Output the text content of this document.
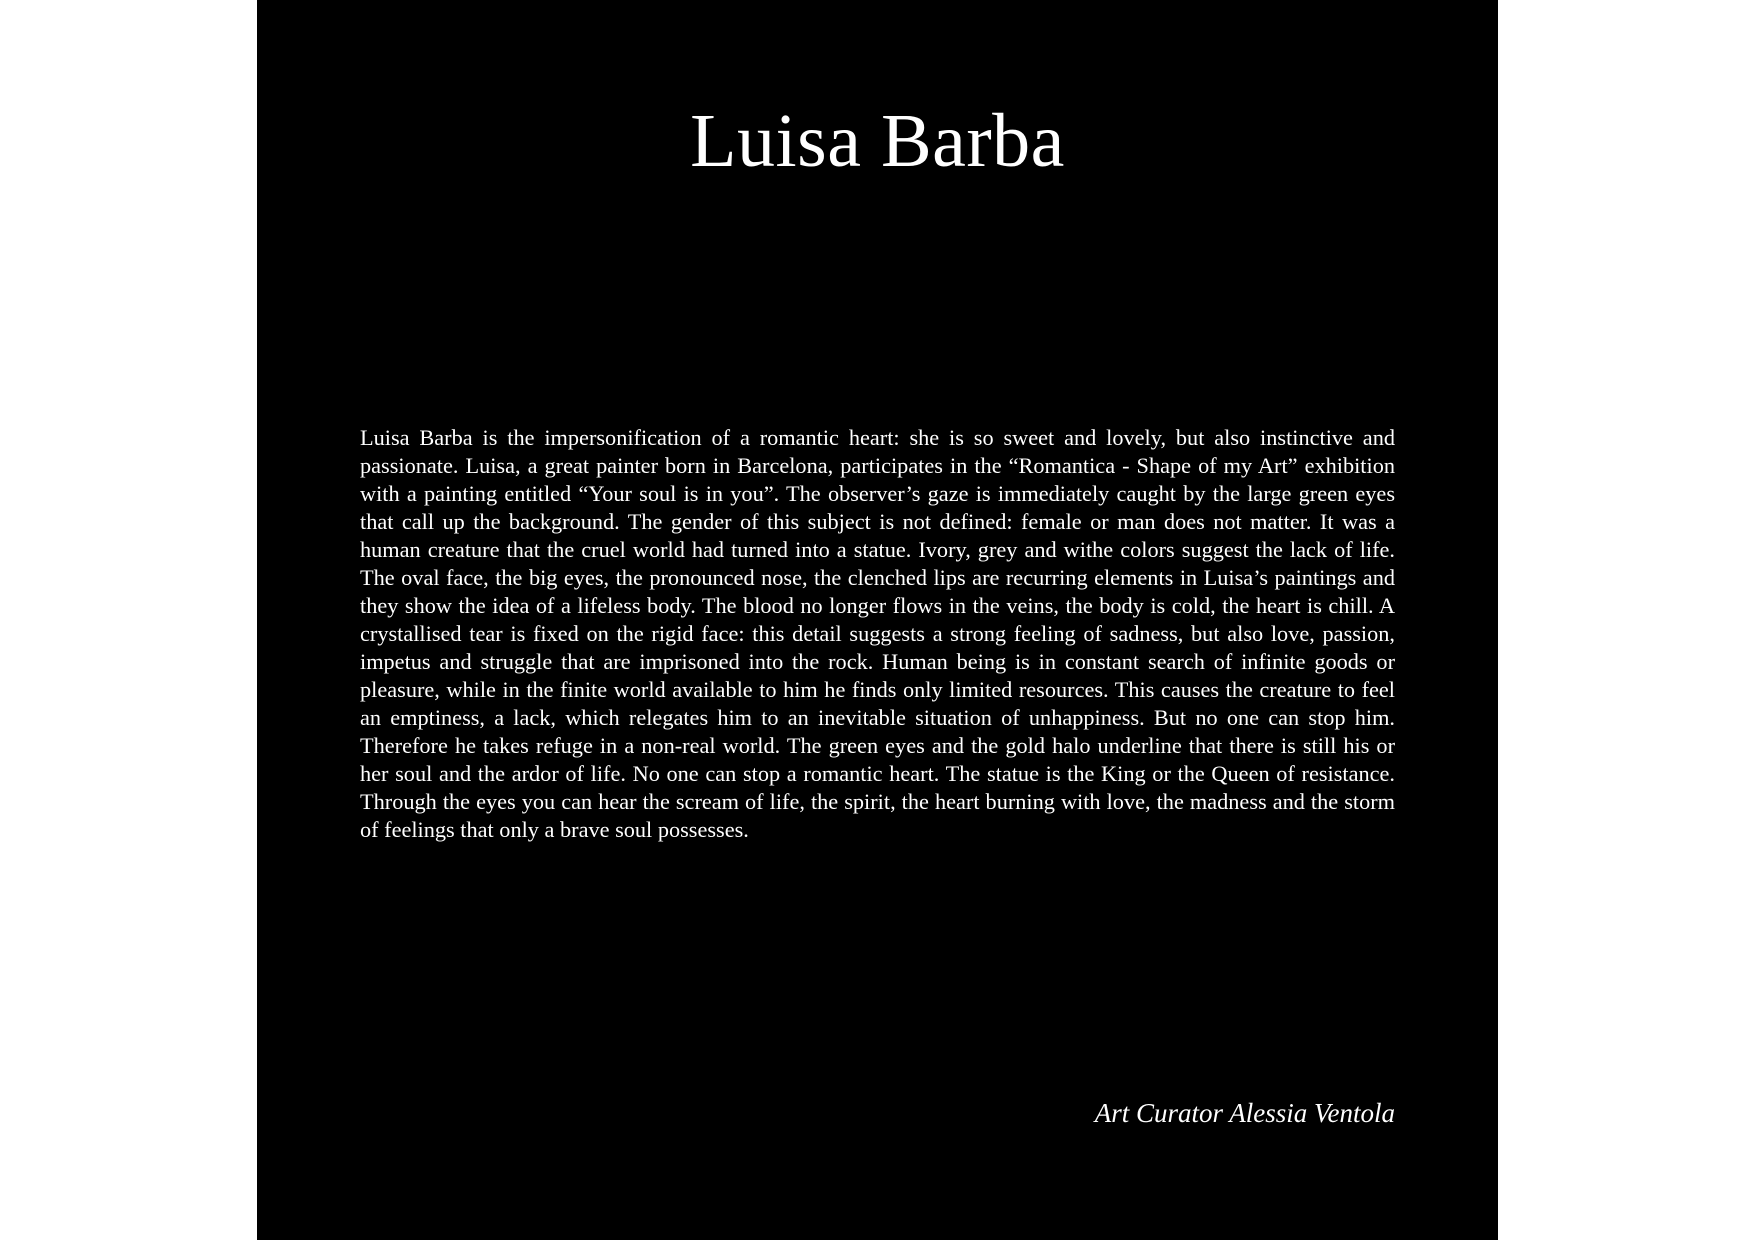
Luisa Barba

Luisa Barba is the impersonification of a romantic heart: she is so sweet and lovely, but also instinctive and passionate. Luisa, a great painter born in Barcelona, participates in the “Romantica - Shape of my Art” exhibition with a painting entitled “Your soul is in you”. The observer’s gaze is immediately caught by the large green eyes that call up the background. The gender of this subject is not defined: female or man does not matter. It was a human creature that the cruel world had turned into a statue. Ivory, grey and withe colors suggest the lack of life. The oval face, the big eyes, the pronounced nose, the clenched lips are recurring elements in Luisa’s paintings and they show the idea of a lifeless body. The blood no longer flows in the veins, the body is cold, the heart is chill. A crystallised tear is fixed on the rigid face: this detail suggests a strong feeling of sadness, but also love, passion, impetus and struggle that are imprisoned into the rock. Human being is in constant search of infinite goods or pleasure, while in the finite world available to him he finds only limited resources. This causes the creature to feel an emptiness, a lack, which relegates him to an inevitable situation of unhappiness. But no one can stop him. Therefore he takes refuge in a non-real world. The green eyes and the gold halo underline that there is still his or her soul and the ardor of life. No one can stop a romantic heart. The statue is the King or the Queen of resistance. Through the eyes you can hear the scream of life, the spirit, the heart burning with love, the madness and the storm of feelings that only a brave soul possesses.

Art Curator Alessia Ventola
